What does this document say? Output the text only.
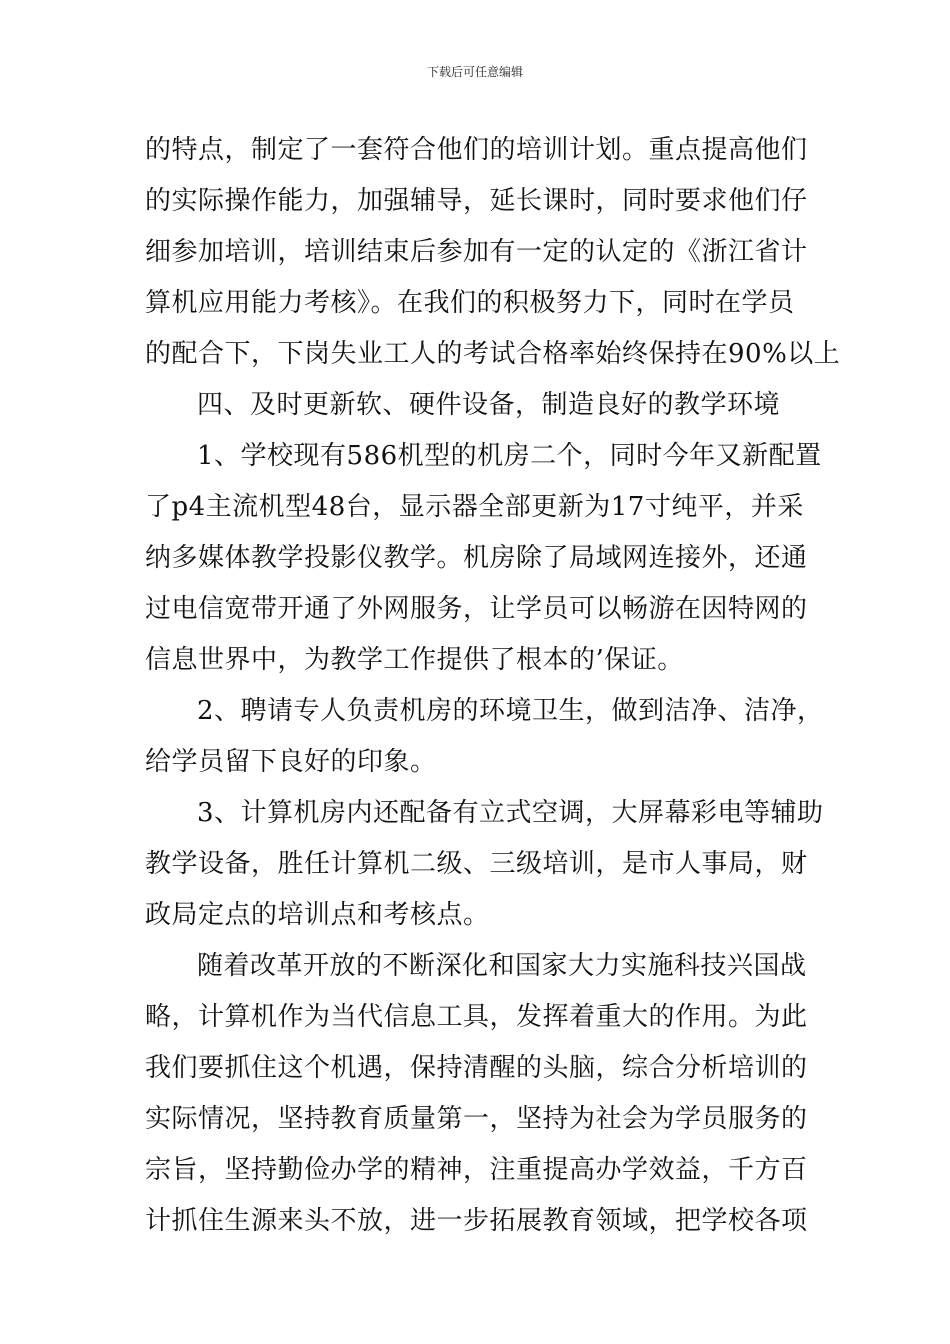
下载后可任意编辑
的特点，制定了一套符合他们的培训计划。重点提高他们
的实际操作能力，加强辅导，延长课时，同时要求他们仔
细参加培训，培训结束后参加有一定的认定的《浙江省计
算机应用能力考核》。在我们的积极努力下，同时在学员
的配合下，下岗失业工人的考试合格率始终保持在90%以上
四、及时更新软、硬件设备，制造良好的教学环境
1、学校现有586机型的机房二个，同时今年又新配置
了p4主流机型48台，显示器全部更新为17寸纯平，并采
纳多媒体教学投影仪教学。机房除了局域网连接外，还通
过电信宽带开通了外网服务，让学员可以畅游在因特网的
信息世界中，为教学工作提供了根本的’保证。
2、聘请专人负责机房的环境卫生，做到洁净、洁净，
给学员留下良好的印象。
3、计算机房内还配备有立式空调，大屏幕彩电等辅助
教学设备，胜任计算机二级、三级培训，是市人事局，财
政局定点的培训点和考核点。
随着改革开放的不断深化和国家大力实施科技兴国战
略，计算机作为当代信息工具，发挥着重大的作用。为此
我们要抓住这个机遇，保持清醒的头脑，综合分析培训的
实际情况，坚持教育质量第一，坚持为社会为学员服务的
宗旨，坚持勤俭办学的精神，注重提高办学效益，千方百
计抓住生源来头不放，进一步拓展教育领域，把学校各项
